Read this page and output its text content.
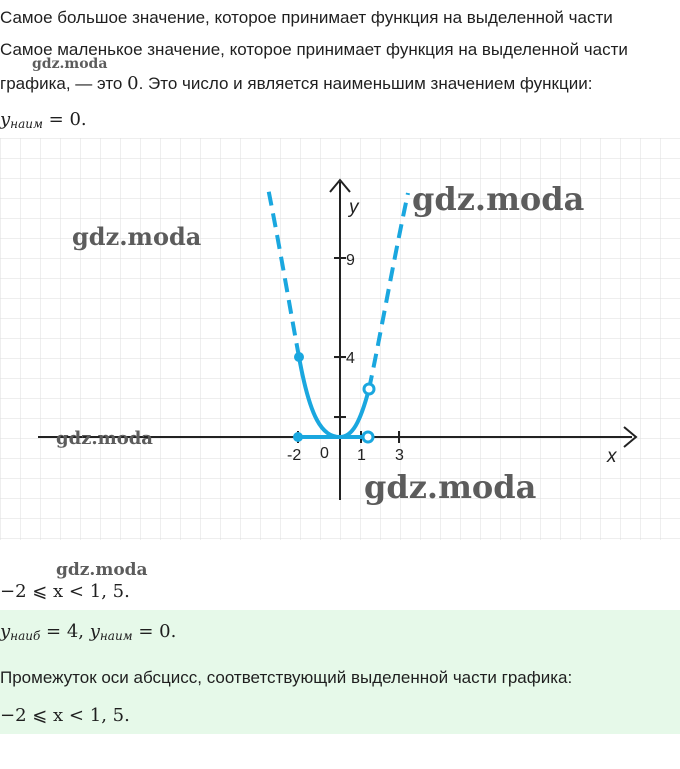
Самое большое значение, которое принимает функция на выделенной части
Самое маленькое значение, которое принимает функция на выделенной части
gdz.moda
графика, — это 0. Это число и является наименьшим значением функции:
$y_{наим} = 0$.
-2 0 1 3
9
4
y
x
gdz.moda
gdz.moda
gdz.moda
gdz.moda
gdz.moda
−2 ⩽ x < 1, 5.
$y_{наиб} = 4$, $y_{наим} = 0$.
Промежуток оси абсцисс, соответствующий выделенной части графика:
−2 ⩽ x < 1, 5.
